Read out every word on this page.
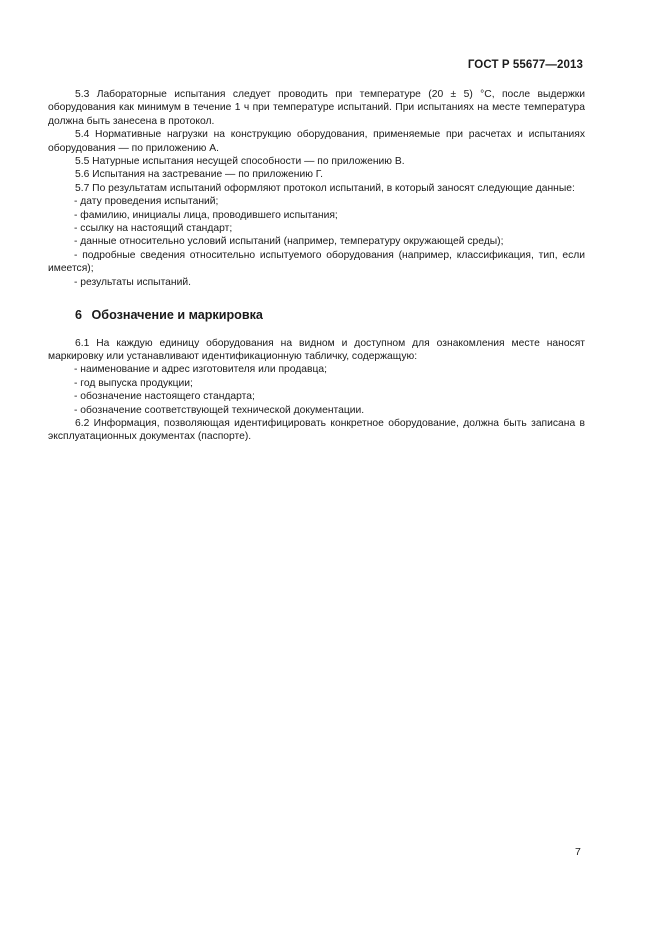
ГОСТ Р 55677—2013

5.3 Лабораторные испытания следует проводить при температуре (20 ± 5) °С, после выдержки оборудования как минимум в течение 1 ч при температуре испытаний. При испытаниях на месте температура должна быть занесена в протокол.

5.4 Нормативные нагрузки на конструкцию оборудования, применяемые при расчетах и испытаниях оборудования — по приложению А.

5.5 Натурные испытания несущей способности — по приложению В.

5.6 Испытания на застревание — по приложению Г.

5.7 По результатам испытаний оформляют протокол испытаний, в который заносят следующие данные:

- дату проведения испытаний;

- фамилию, инициалы лица, проводившего испытания;

- ссылку на настоящий стандарт;

- данные относительно условий испытаний (например, температуру окружающей среды);

- подробные сведения относительно испытуемого оборудования (например, классификация, тип, если имеется);

- результаты испытаний.

6 Обозначение и маркировка

6.1 На каждую единицу оборудования на видном и доступном для ознакомления месте наносят маркировку или устанавливают идентификационную табличку, содержащую:

- наименование и адрес изготовителя или продавца;

- год выпуска продукции;

- обозначение настоящего стандарта;

- обозначение соответствующей технической документации.

6.2 Информация, позволяющая идентифицировать конкретное оборудование, должна быть записана в эксплуатационных документах (паспорте).

7
